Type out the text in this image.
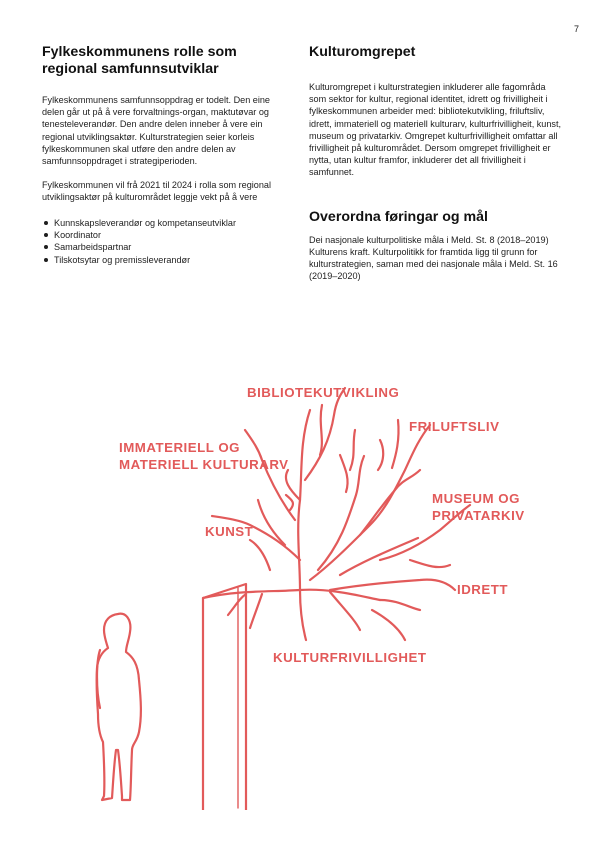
7
Fylkeskommunens rolle som regional samfunnsutviklar

Fylkeskommunens samfunnsoppdrag er todelt. Den eine delen går ut på å vere forvaltnings-organ, maktutøvar og tenesteleverandør. Den andre delen inneber å vere ein regional utviklingsaktør. Kulturstrategien seier korleis fylkeskommunen skal utføre den andre delen av samfunnsoppdraget i strategiperioden.

Fylkeskommunen vil frå 2021 til 2024 i rolla som regional utviklingsaktør på kulturområdet leggje vekt på å vere

Kunnskapsleverandør og kompetanseutviklar
Koordinator
Samarbeidspartnar
Tilskotsytar og premissleverandør
Kulturomgrepet

Kulturomgrepet i kulturstrategien inkluderer alle fagområda som sektor for kultur, regional identitet, idrett og frivilligheit i fylkeskommunen arbeider med: bibliotekutvikling, friluftsliv, idrett, immateriell og materiell kulturarv, kulturfrivilligheit, kunst, museum og privatarkiv. Omgrepet kulturfrivilligheit omfattar all frivilligheit på kulturområdet. Dersom omgrepet frivilligheit er nytta, utan kultur framfor, inkluderer det all frivilligheit i samfunnet.

Overordna føringar og mål

Dei nasjonale kulturpolitiske måla i Meld. St. 8 (2018–2019) Kulturens kraft. Kulturpolitikk for framtida ligg til grunn for kulturstrategien, saman med dei nasjonale måla i Meld. St. 16 (2019–2020)

BIBLIOTEKUTVIKLING
FRILUFTSLIV
IMMATERIELL OG
MATERIELL KULTURARV
MUSEUM OG
PRIVATARKIV
KUNST
IDRETT
KULTURFRIVILLIGHET
